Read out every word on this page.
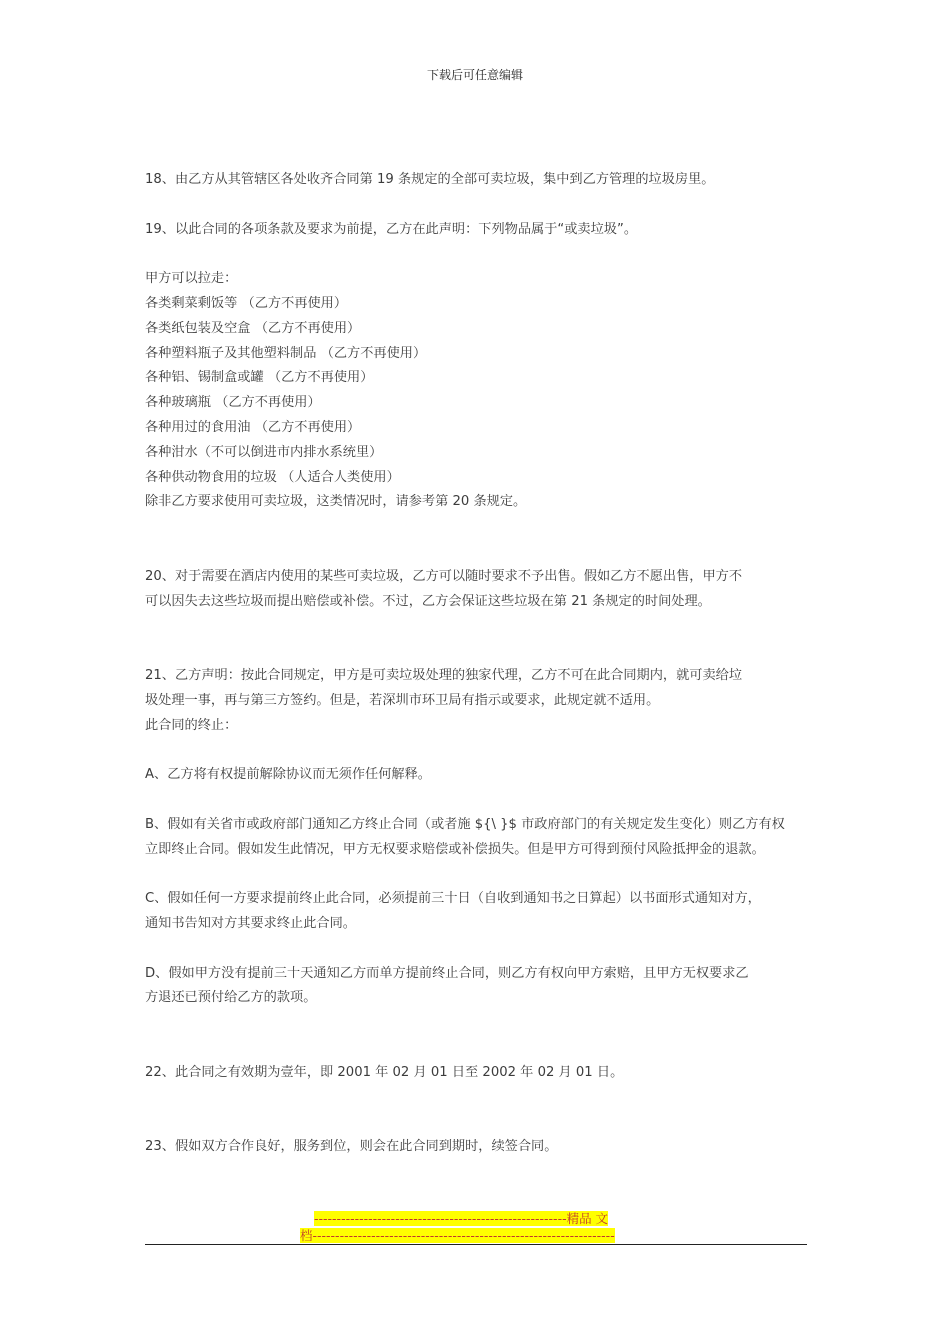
下载后可任意编辑
18、由乙方从其管辖区各处收齐合同第 19 条规定的全部可卖垃圾，集中到乙方管理的垃圾房里。
19、以此合同的各项条款及要求为前提，乙方在此声明：下列物品属于“或卖垃圾”。
甲方可以拉走：
各类剩菜剩饭等 （乙方不再使用）
各类纸包装及空盒 （乙方不再使用）
各种塑料瓶子及其他塑料制品 （乙方不再使用）
各种铝、锡制盒或罐 （乙方不再使用）
各种玻璃瓶 （乙方不再使用）
各种用过的食用油 （乙方不再使用）
各种泔水（不可以倒进市内排水系统里）
各种供动物食用的垃圾 （人适合人类使用）
除非乙方要求使用可卖垃圾，这类情况时，请参考第 20 条规定。
20、对于需要在酒店内使用的某些可卖垃圾，乙方可以随时要求不予出售。假如乙方不愿出售，甲方不
可以因失去这些垃圾而提出赔偿或补偿。不过，乙方会保证这些垃圾在第 21 条规定的时间处理。
21、乙方声明：按此合同规定，甲方是可卖垃圾处理的独家代理，乙方不可在此合同期内，就可卖给垃
圾处理一事，再与第三方签约。但是，若深圳市环卫局有指示或要求，此规定就不适用。
此合同的终止：
A、乙方将有权提前解除协议而无须作任何解释。
B、假如有关省市或政府部门通知乙方终止合同（或者施 ${\ }$ 市政府部门的有关规定发生变化）则乙方有权
立即终止合同。假如发生此情况，甲方无权要求赔偿或补偿损失。但是甲方可得到预付风险抵押金的退款。
C、假如任何一方要求提前终止此合同，必须提前三十日（自收到通知书之日算起）以书面形式通知对方，
通知书告知对方其要求终止此合同。
D、假如甲方没有提前三十天通知乙方而单方提前终止合同，则乙方有权向甲方索赔，且甲方无权要求乙
方退还已预付给乙方的款项。
22、此合同之有效期为壹年，即 2001 年 02 月 01 日至 2002 年 02 月 01 日。
23、假如双方合作良好，服务到位，则会在此合同到期时，续签合同。
--------------------------------------------------------精品 文
档-------------------------------------------------------------------
